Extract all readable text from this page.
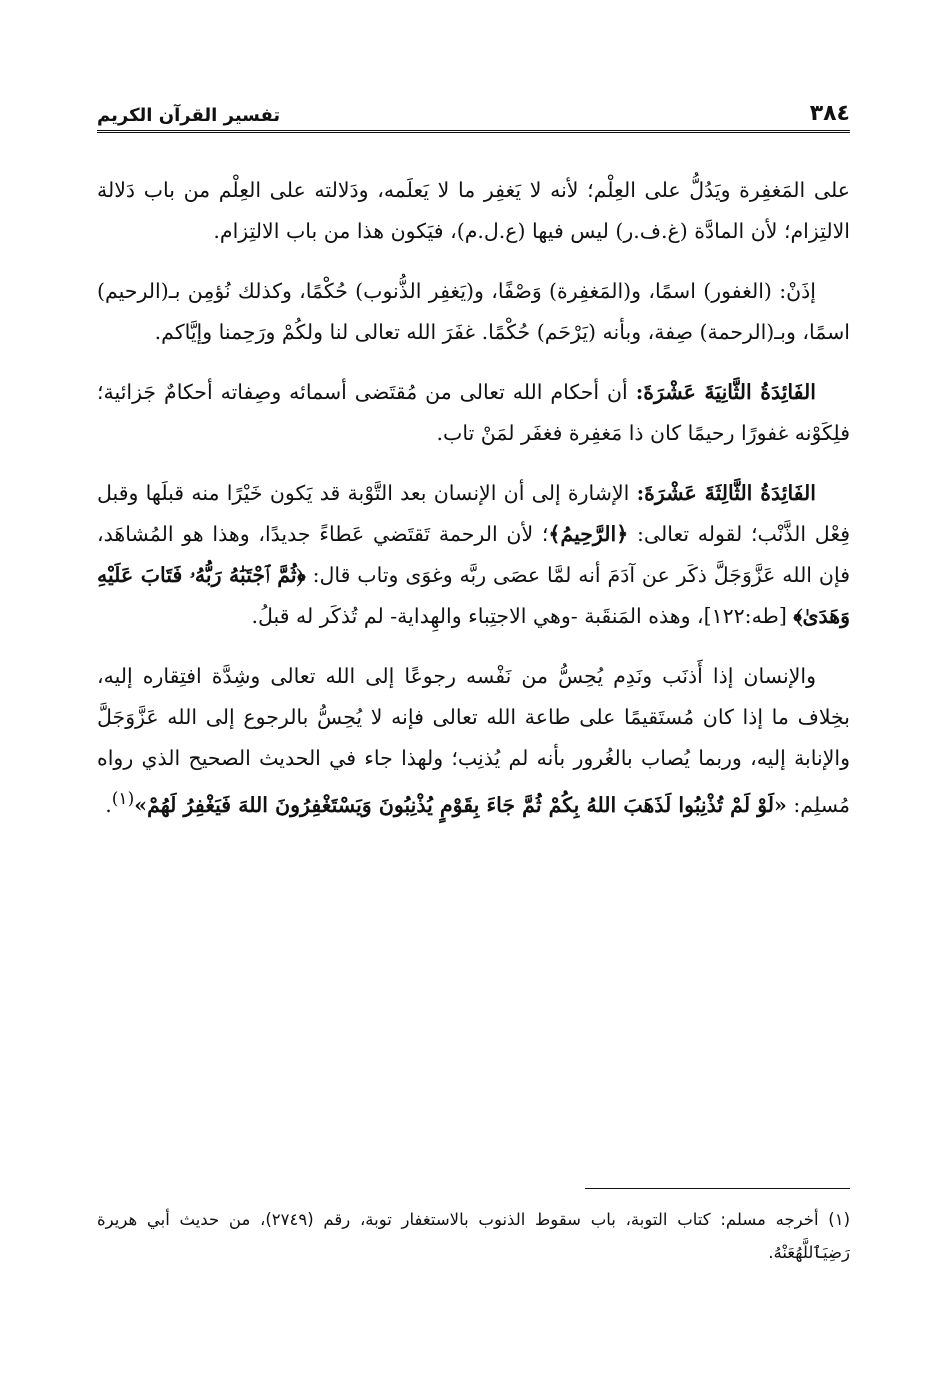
٣٨٤
تفسير القرآن الكريم

على المَغفِرة ويَدُلُّ على العِلْم؛ لأنه لا يَغفِر ما لا يَعلَمه، ودَلالته على العِلْم من باب دَلالة الالتِزام؛ لأن المادَّة (غ.ف.ر) ليس فيها (ع.ل.م)، فيَكون هذا من باب الالتِزام.

إذَنْ: (الغفور) اسمًا، و(المَغفِرة) وَصْفًا، و(يَغفِر الذُّنوب) حُكْمًا، وكذلك نُؤمِن بـ(الرحيم) اسمًا، وبـ(الرحمة) صِفة، وبأنه (يَرْحَم) حُكْمًا. غفَرَ الله تعالى لنا ولكُمْ ورَحِمنا وإيَّاكم.

الفَائِدَةُ الثَّانِيَةَ عَشْرَةَ: أن أحكام الله تعالى من مُقتَضى أسمائه وصِفاته أحكامٌ جَزائية؛ فلِكَوْنه غفورًا رحيمًا كان ذا مَغفِرة فغفَر لمَنْ تاب.

الفَائِدَةُ الثَّالِثَةَ عَشْرَةَ: الإشارة إلى أن الإنسان بعد التَّوْبة قد يَكون خَيْرًا منه قبلَها وقبل فِعْل الذَّنْب؛ لقوله تعالى: ﴿الرَّحِيمُ﴾؛ لأن الرحمة تَقتَضي عَطاءً جديدًا، وهذا هو المُشاهَد، فإن الله عَزَّوَجَلَّ ذكَر عن آدَمَ أنه لمَّا عصَى ربَّه وغوَى وتاب قال: ﴿ثُمَّ ٱجْتَبَٰهُ رَبُّهُۥ فَتَابَ عَلَيْهِ وَهَدَىٰ﴾ [طه:١٢٢]، وهذه المَنقَبة -وهي الاجتِباء والهِداية- لم تُذكَر له قبلُ.

والإنسان إذا أَذنَب ونَدِم يُحِسُّ من نَفْسه رجوعًا إلى الله تعالى وشِدَّة افتِقاره إليه، بخِلاف ما إذا كان مُستَقيمًا على طاعة الله تعالى فإنه لا يُحِسُّ بالرجوع إلى الله عَزَّوَجَلَّ والإنابة إليه، وربما يُصاب بالغُرور بأنه لم يُذنِب؛ ولهذا جاء في الحديث الصحيح الذي رواه مُسلِم: «لَوْ لَمْ تُذْنِبُوا لَذَهَبَ اللهُ بِكُمْ ثُمَّ جَاءَ بِقَوْمٍ يُذْنِبُونَ وَيَسْتَغْفِرُونَ اللهَ فَيَغْفِرُ لَهُمْ»$^{(١)}$.

(١) أخرجه مسلم: كتاب التوبة، باب سقوط الذنوب بالاستغفار توبة، رقم (٢٧٤٩)، من حديث أبي هريرة رَضِيَٱللَّهُعَنْهُ.
